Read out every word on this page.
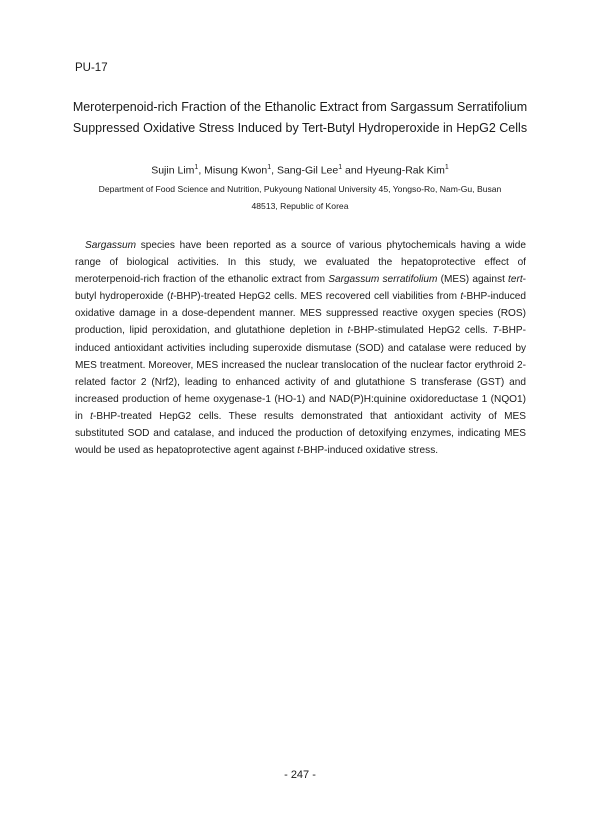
PU-17
Meroterpenoid-rich Fraction of the Ethanolic Extract from Sargassum Serratifolium
Suppressed Oxidative Stress Induced by Tert-Butyl Hydroperoxide in HepG2 Cells
Sujin Lim$^1$, Misung Kwon$^1$, Sang-Gil Lee$^1$ and Hyeung-Rak Kim$^1$
Department of Food Science and Nutrition, Pukyoung National University 45, Yongso-Ro, Nam-Gu, Busan
48513, Republic of Korea
Sargassum species have been reported as a source of various phytochemicals having a wide range of biological activities. In this study, we evaluated the hepatoprotective effect of meroterpenoid-rich fraction of the ethanolic extract from Sargassum serratifolium (MES) against tert-butyl hydroperoxide (t-BHP)-treated HepG2 cells. MES recovered cell viabilities from t-BHP-induced oxidative damage in a dose-dependent manner. MES suppressed reactive oxygen species (ROS) production, lipid peroxidation, and glutathione depletion in t-BHP-stimulated HepG2 cells. T-BHP-induced antioxidant activities including superoxide dismutase (SOD) and catalase were reduced by MES treatment. Moreover, MES increased the nuclear translocation of the nuclear factor erythroid 2-related factor 2 (Nrf2), leading to enhanced activity of and glutathione S transferase (GST) and increased production of heme oxygenase-1 (HO-1) and NAD(P)H:quinine oxidoreductase 1 (NQO1) in t-BHP-treated HepG2 cells. These results demonstrated that antioxidant activity of MES substituted SOD and catalase, and induced the production of detoxifying enzymes, indicating MES would be used as hepatoprotective agent against t-BHP-induced oxidative stress.
- 247 -
